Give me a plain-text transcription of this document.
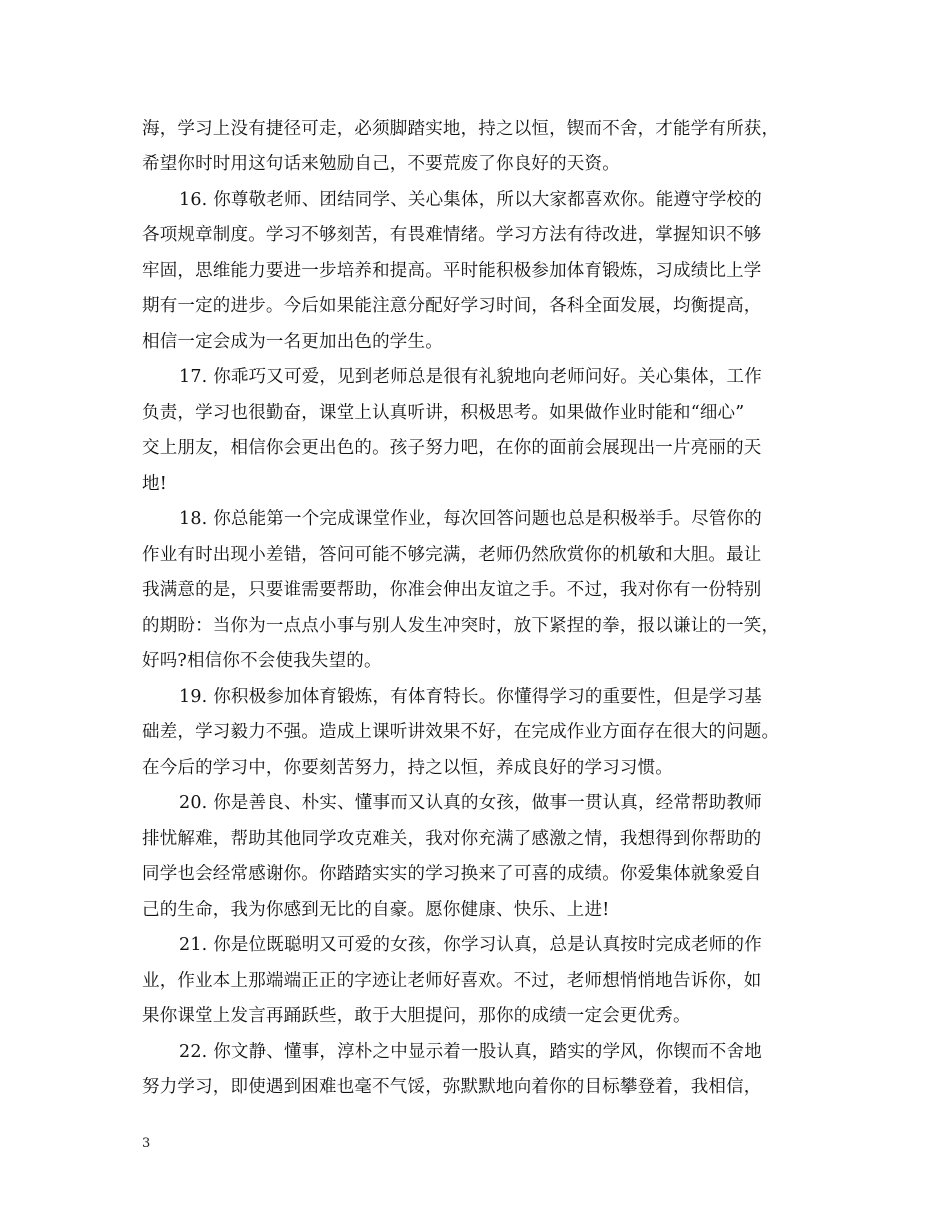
海，学习上没有捷径可走，必须脚踏实地，持之以恒，锲而不舍，才能学有所获，
希望你时时用这句话来勉励自己，不要荒废了你良好的天资。
16. 你尊敬老师、团结同学、关心集体，所以大家都喜欢你。能遵守学校的
各项规章制度。学习不够刻苦，有畏难情绪。学习方法有待改进，掌握知识不够
牢固，思维能力要进一步培养和提高。平时能积极参加体育锻炼，习成绩比上学
期有一定的进步。今后如果能注意分配好学习时间，各科全面发展，均衡提高，
相信一定会成为一名更加出色的学生。
17. 你乖巧又可爱，见到老师总是很有礼貌地向老师问好。关心集体，工作
负责，学习也很勤奋，课堂上认真听讲，积极思考。如果做作业时能和“细心”
交上朋友，相信你会更出色的。孩子努力吧，在你的面前会展现出一片亮丽的天
地!
18. 你总能第一个完成课堂作业，每次回答问题也总是积极举手。尽管你的
作业有时出现小差错，答问可能不够完满，老师仍然欣赏你的机敏和大胆。最让
我满意的是，只要谁需要帮助，你准会伸出友谊之手。不过，我对你有一份特别
的期盼：当你为一点点小事与别人发生冲突时，放下紧捏的拳，报以谦让的一笑，
好吗?相信你不会使我失望的。
19. 你积极参加体育锻炼，有体育特长。你懂得学习的重要性，但是学习基
础差，学习毅力不强。造成上课听讲效果不好，在完成作业方面存在很大的问题。
在今后的学习中，你要刻苦努力，持之以恒，养成良好的学习习惯。
20. 你是善良、朴实、懂事而又认真的女孩，做事一贯认真，经常帮助教师
排忧解难，帮助其他同学攻克难关，我对你充满了感激之情，我想得到你帮助的
同学也会经常感谢你。你踏踏实实的学习换来了可喜的成绩。你爱集体就象爱自
己的生命，我为你感到无比的自豪。愿你健康、快乐、上进!
21. 你是位既聪明又可爱的女孩，你学习认真，总是认真按时完成老师的作
业，作业本上那端端正正的字迹让老师好喜欢。不过，老师想悄悄地告诉你，如
果你课堂上发言再踊跃些，敢于大胆提问，那你的成绩一定会更优秀。
22. 你文静、懂事，淳朴之中显示着一股认真，踏实的学风，你锲而不舍地
努力学习，即使遇到困难也毫不气馁，弥默默地向着你的目标攀登着，我相信，
3
